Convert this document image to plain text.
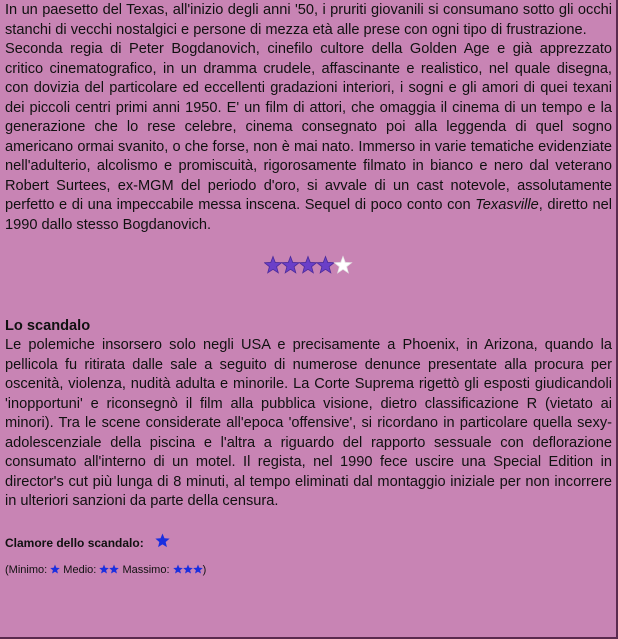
In un paesetto del Texas, all'inizio degli anni '50, i pruriti giovanili si consumano sotto gli occhi stanchi di vecchi nostalgici e persone di mezza età alle prese con ogni tipo di frustrazione.

Seconda regia di Peter Bogdanovich, cinefilo cultore della Golden Age e già apprezzato critico cinematografico, in un dramma crudele, affascinante e realistico, nel quale disegna, con dovizia del particolare ed eccellenti gradazioni interiori, i sogni e gli amori di quei texani dei piccoli centri primi anni 1950. E' un film di attori, che omaggia il cinema di un tempo e la generazione che lo rese celebre, cinema consegnato poi alla leggenda di quel sogno americano ormai svanito, o che forse, non è mai nato. Immerso in varie tematiche evidenziate nell'adulterio, alcolismo e promiscuità, rigorosamente filmato in bianco e nero dal veterano Robert Surtees, ex-MGM del periodo d'oro, si avvale di un cast notevole, assolutamente perfetto e di una impeccabile messa inscena. Sequel di poco conto con Texasville, diretto nel 1990 dallo stesso Bogdanovich.

Lo scandalo

Le polemiche insorsero solo negli USA e precisamente a Phoenix, in Arizona, quando la pellicola fu ritirata dalle sale a seguito di numerose denunce presentate alla procura per oscenità, violenza, nudità adulta e minorile. La Corte Suprema rigettò gli esposti giudicandoli 'inopportuni' e riconsegnò il film alla pubblica visione, dietro classificazione R (vietato ai minori). Tra le scene considerate all'epoca 'offensive', si ricordano in particolare quella sexy-adolescenziale della piscina e l'altra a riguardo del rapporto sessuale con deflorazione consumato all'interno di un motel. Il regista, nel 1990 fece uscire una Special Edition in director's cut più lunga di 8 minuti, al tempo eliminati dal montaggio iniziale per non incorrere in ulteriori sanzioni da parte della censura.

Clamore dello scandalo:
(Minimo: Medio: Massimo:	)
